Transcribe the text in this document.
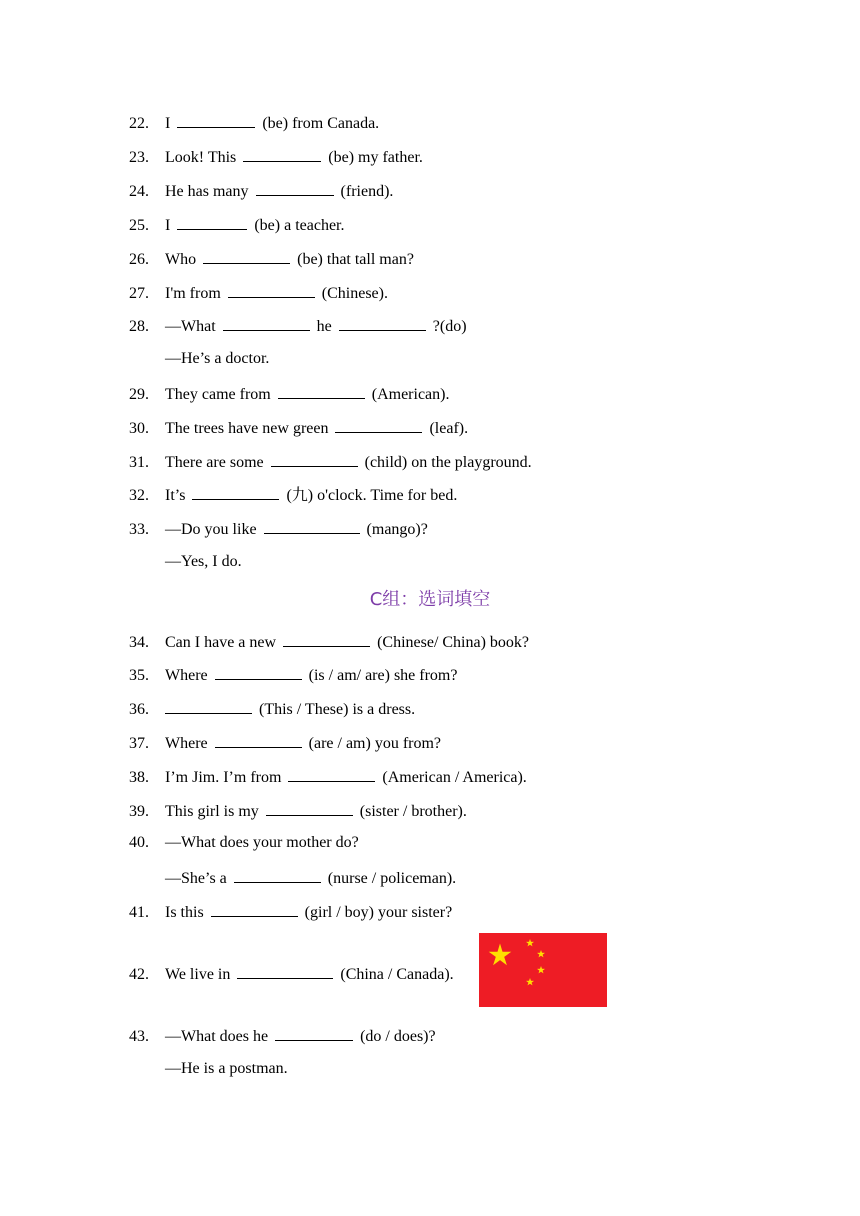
22. I	(be) from Canada.
23. Look! This	(be) my father.
24. He has many	(friend).
25. I	(be) a teacher.
26. Who	(be) that tall man?
27. I'm from	(Chinese).
28. —What	he	?(do)
—He’s a doctor.
29. They came from	(American).
30. The trees have new green	(leaf).
31. There are some	(child) on the playground.
32. It’s	(九) o'clock. Time for bed.
33. —Do you like	(mango)?
—Yes, I do.
C组：选词填空
34. Can I have a new	(Chinese/ China) book?
35. Where	(is / am/ are) she from?
36.	(This / These) is a dress.
37. Where	(are / am) you from?
38. I’m Jim. I’m from	(American / America).
39. This girl is my	(sister / brother).
40. —What does your mother do?
—She’s a	(nurse / policeman).
41. Is this	(girl / boy) your sister?
42. We live in	(China / Canada).
43. —What does he	(do / does)?
—He is a postman.
